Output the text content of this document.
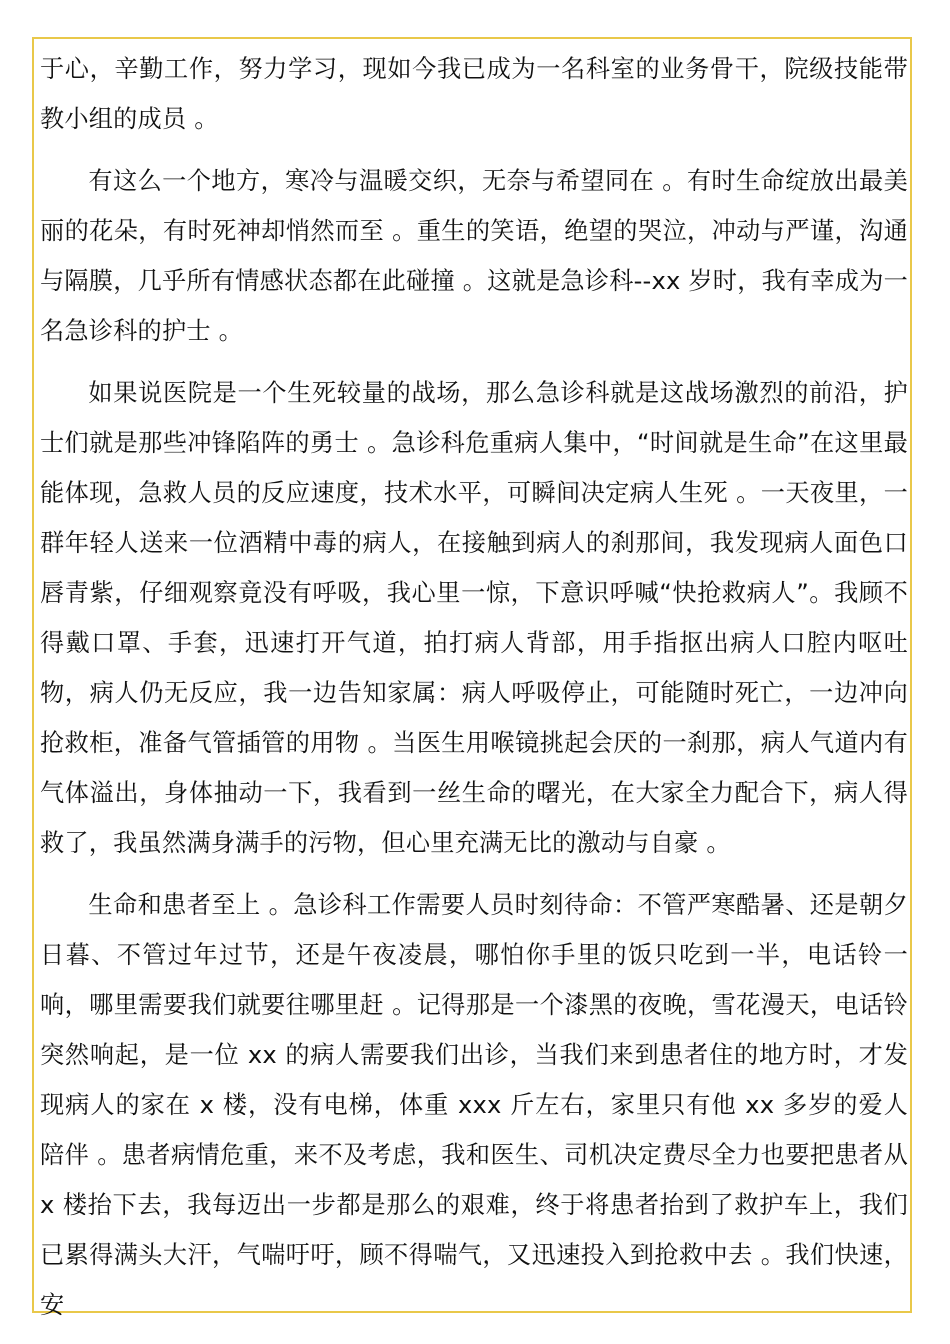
于心，辛勤工作，努力学习，现如今我已成为一名科室的业务骨干，院级技能带教小组的成员 。

有这么一个地方，寒冷与温暖交织，无奈与希望同在 。有时生命绽放出最美丽的花朵，有时死神却悄然而至 。重生的笑语，绝望的哭泣，冲动与严谨，沟通与隔膜，几乎所有情感状态都在此碰撞 。这就是急诊科--xx 岁时，我有幸成为一名急诊科的护士 。

如果说医院是一个生死较量的战场，那么急诊科就是这战场激烈的前沿，护士们就是那些冲锋陷阵的勇士 。急诊科危重病人集中，“时间就是生命”在这里最能体现，急救人员的反应速度，技术水平，可瞬间决定病人生死 。一天夜里，一群年轻人送来一位酒精中毒的病人，在接触到病人的刹那间，我发现病人面色口唇青紫，仔细观察竟没有呼吸，我心里一惊，下意识呼喊“快抢救病人”。我顾不得戴口罩、手套，迅速打开气道，拍打病人背部，用手指抠出病人口腔内呕吐物，病人仍无反应，我一边告知家属：病人呼吸停止，可能随时死亡，一边冲向抢救柜，准备气管插管的用物 。当医生用喉镜挑起会厌的一刹那，病人气道内有气体溢出，身体抽动一下，我看到一丝生命的曙光，在大家全力配合下，病人得救了，我虽然满身满手的污物，但心里充满无比的激动与自豪 。

生命和患者至上 。急诊科工作需要人员时刻待命：不管严寒酷暑、还是朝夕日暮、不管过年过节，还是午夜凌晨，哪怕你手里的饭只吃到一半，电话铃一响，哪里需要我们就要往哪里赶 。记得那是一个漆黑的夜晚，雪花漫天，电话铃突然响起，是一位 xx 的病人需要我们出诊，当我们来到患者住的地方时，才发现病人的家在 x 楼，没有电梯，体重 xxx 斤左右，家里只有他 xx 多岁的爱人 陪伴 。患者病情危重，来不及考虑，我和医生、司机决定费尽全力也要把患者从 x 楼抬下去，我每迈出一步都是那么的艰难，终于将患者抬到了救护车上，我们已累得满头大汗，气喘吁吁，顾不得喘气，又迅速投入到抢救中去 。我们快速，安
